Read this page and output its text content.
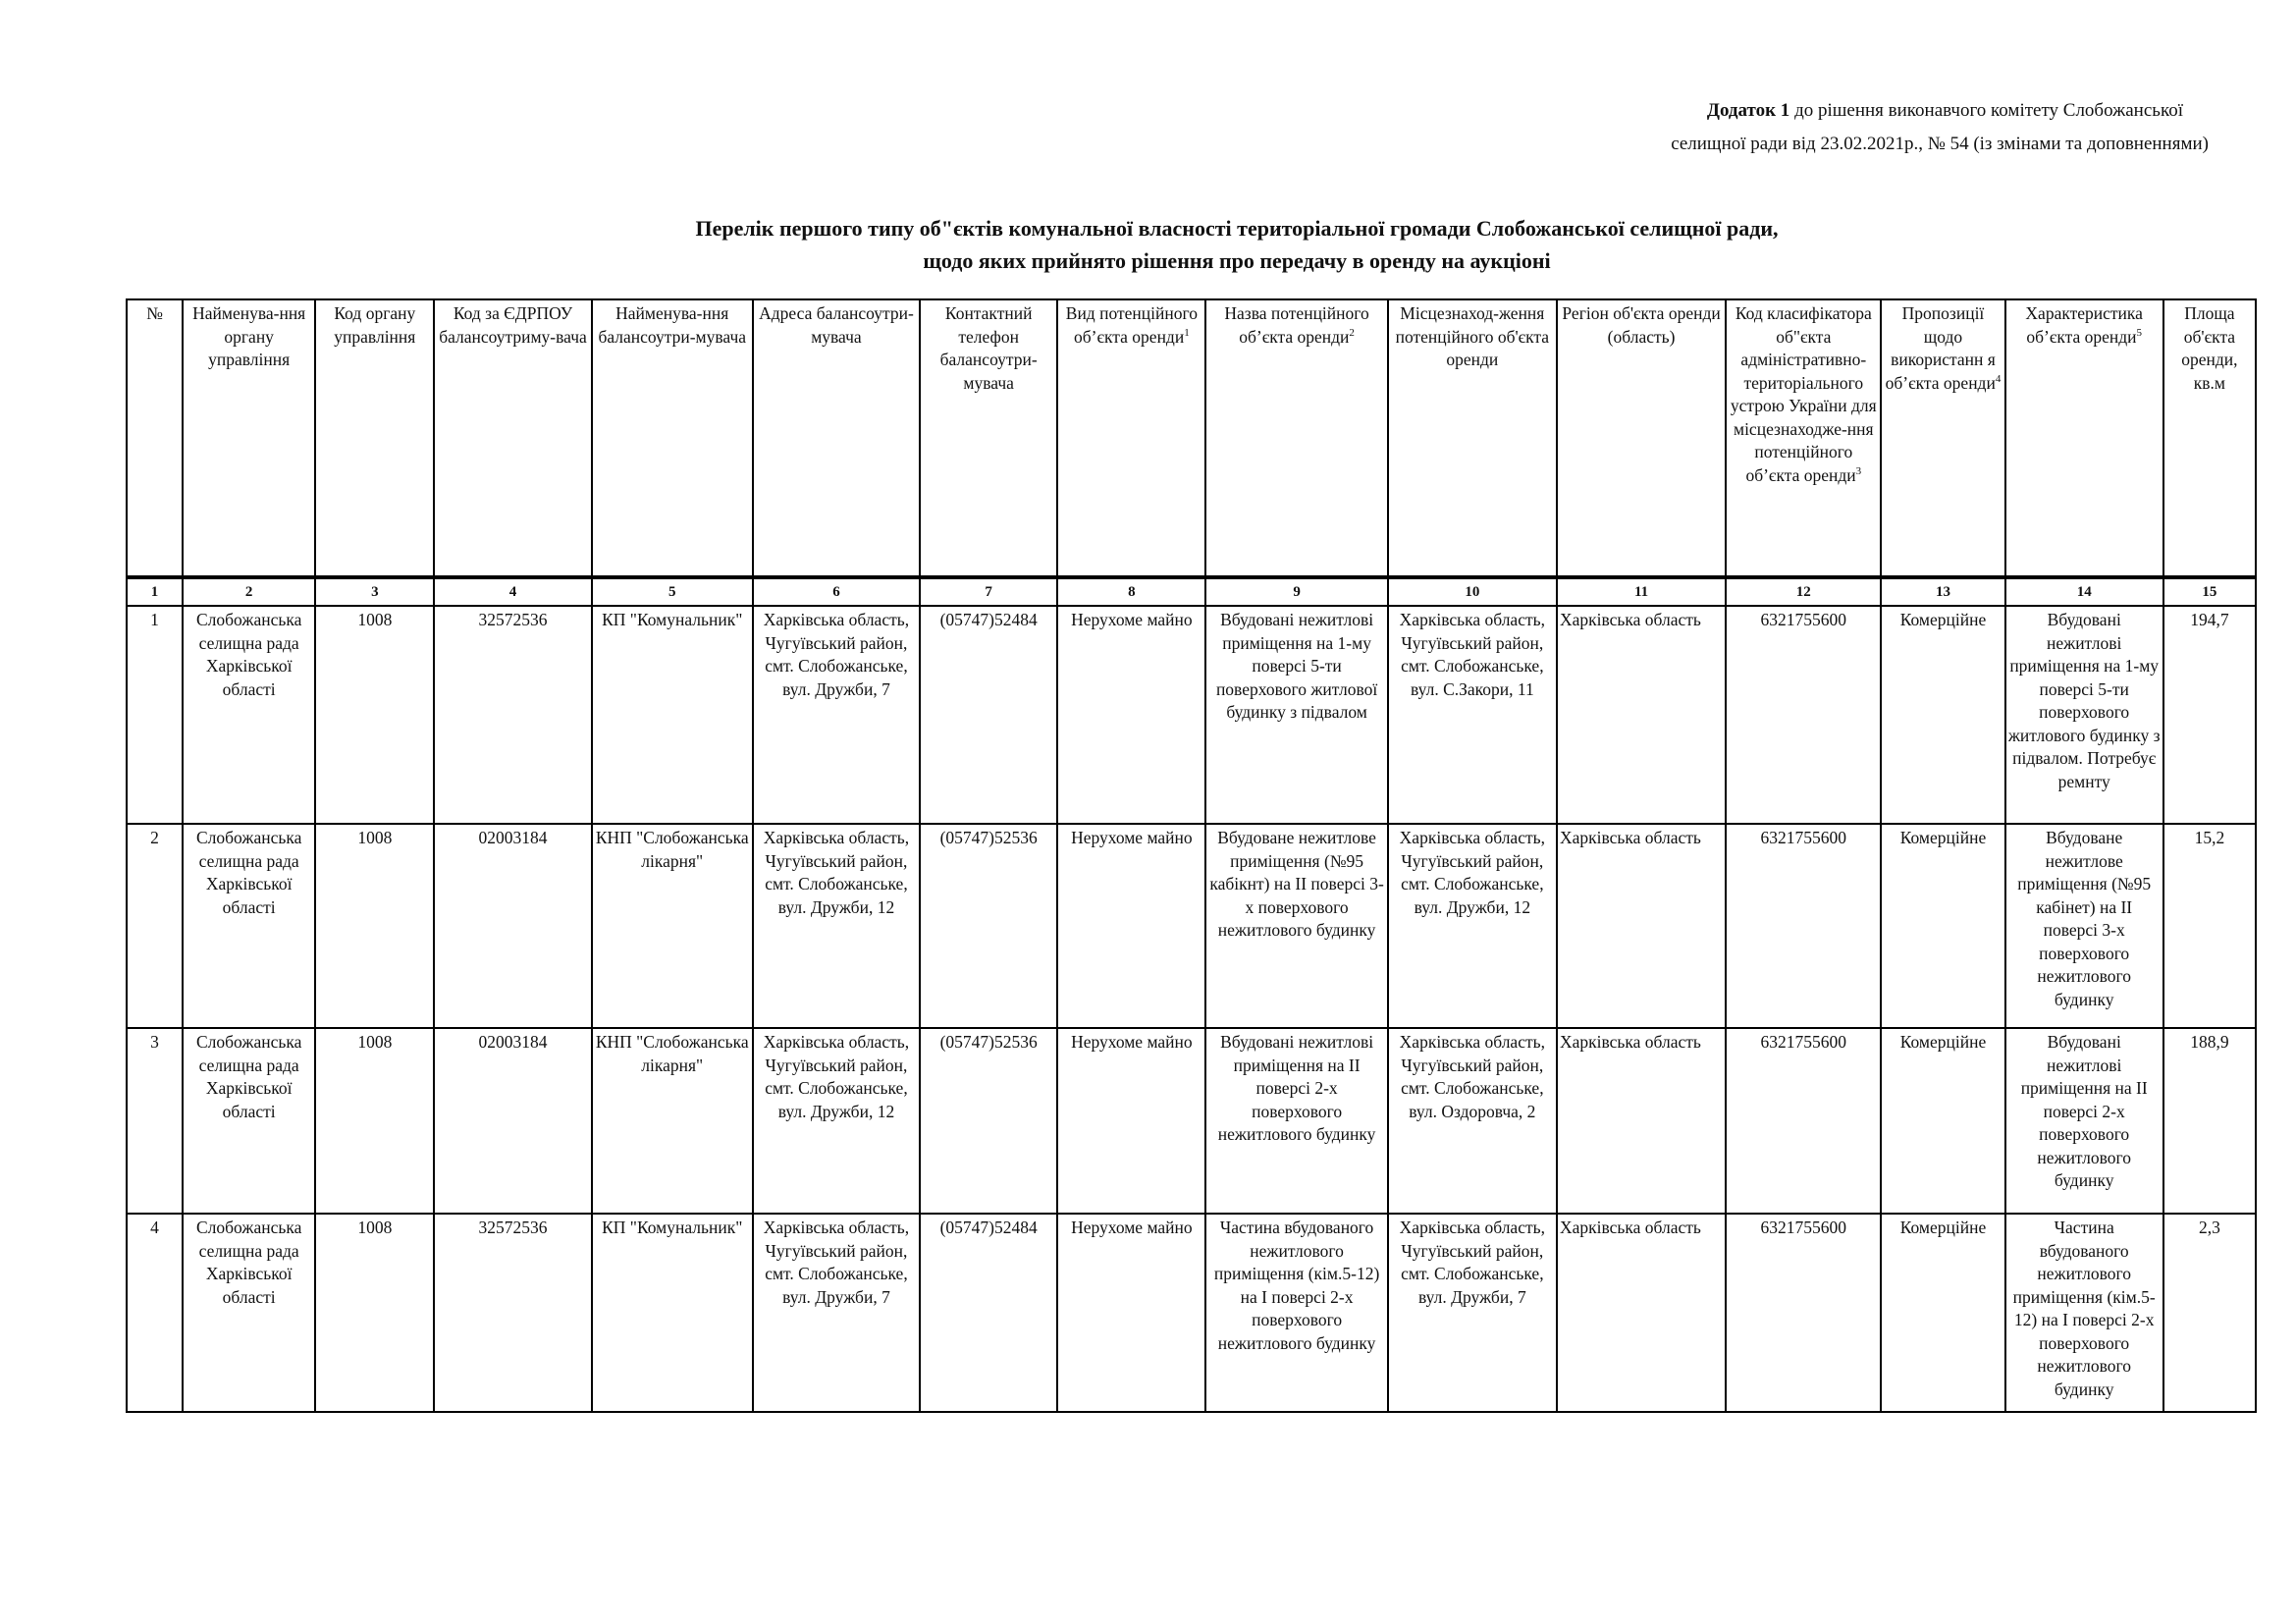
Додаток 1 до рішення виконавчого комітету Слобожанської
селищної ради від 23.02.2021р., № 54 (із змінами та доповненнями)
Перелік першого типу об"єктів комунальної власності територіальної громади Слобожанської селищної ради,
щодо яких прийнято рішення про передачу в оренду на аукціоні
№	Найменува-ння органу управління	Код органу управління	Код за ЄДРПОУ балансоутриму-вача	Найменува-ння балансоутри-мувача	Адреса балансоутри-мувача	Контактний телефон балансоутри-мувача	Вид потенційного об’єкта оренди$^1$	Назва потенційного об’єкта оренди$^2$	Місцезнаход-ження потенційного об'єкта оренди	Регіон об'єкта оренди (область)	Код класифікатора об"єкта адміністративно-територіального устрою України для місцезнаходже-ння потенційного об’єкта оренди$^3$	Пропозиції щодо використанн я об’єкта оренди$^4$	Характеристика об’єкта оренди$^5$	Площа об'єкта оренди, кв.м
1	2	3	4	5	6	7	8	9	10	11	12	13	14	15
1	Слобожанська селищна рада Харківської області	1008	32572536	КП "Комунальник"	Харківська область, Чугуївський район, смт. Слобожанське, вул. Дружби, 7	(05747)52484	Нерухоме майно	Вбудовані нежитлові приміщення на 1-му поверсі 5-ти поверхового житлової будинку з підвалом	Харківська область, Чугуївський район, смт. Слобожанське, вул. С.Закори, 11	Харківська область	6321755600	Комерційне	Вбудовані нежитлові приміщення на 1-му поверсі 5-ти поверхового житлового будинку з підвалом. Потребує ремнту	194,7
2	Слобожанська селищна рада Харківської області	1008	02003184	КНП "Слобожанська лікарня"	Харківська область, Чугуївський район, смт. Слобожанське, вул. Дружби, 12	(05747)52536	Нерухоме майно	Вбудоване нежитлове приміщення (№95 кабікнт) на II поверсі 3-х поверхового нежитлового будинку	Харківська область, Чугуївський район, смт. Слобожанське, вул. Дружби, 12	Харківська область	6321755600	Комерційне	Вбудоване нежитлове приміщення (№95 кабінет) на II поверсі 3-х поверхового нежитлового будинку	15,2
3	Слобожанська селищна рада Харківської області	1008	02003184	КНП "Слобожанська лікарня"	Харківська область, Чугуївський район, смт. Слобожанське, вул. Дружби, 12	(05747)52536	Нерухоме майно	Вбудовані нежитлові приміщення на II поверсі 2-х поверхового нежитлового будинку	Харківська область, Чугуївський район, смт. Слобожанське, вул. Оздоровча, 2	Харківська область	6321755600	Комерційне	Вбудовані нежитлові приміщення на II поверсі 2-х поверхового нежитлового будинку	188,9
4	Слобожанська селищна рада Харківської області	1008	32572536	КП "Комунальник"	Харківська область, Чугуївський район, смт. Слобожанське, вул. Дружби, 7	(05747)52484	Нерухоме майно	Частина вбудованого нежитлового приміщення (кім.5-12) на I поверсі 2-х поверхового нежитлового будинку	Харківська область, Чугуївський район, смт. Слобожанське, вул. Дружби, 7	Харківська область	6321755600	Комерційне	Частина вбудованого нежитлового приміщення (кім.5-12) на I поверсі 2-х поверхового нежитлового будинку	2,3
